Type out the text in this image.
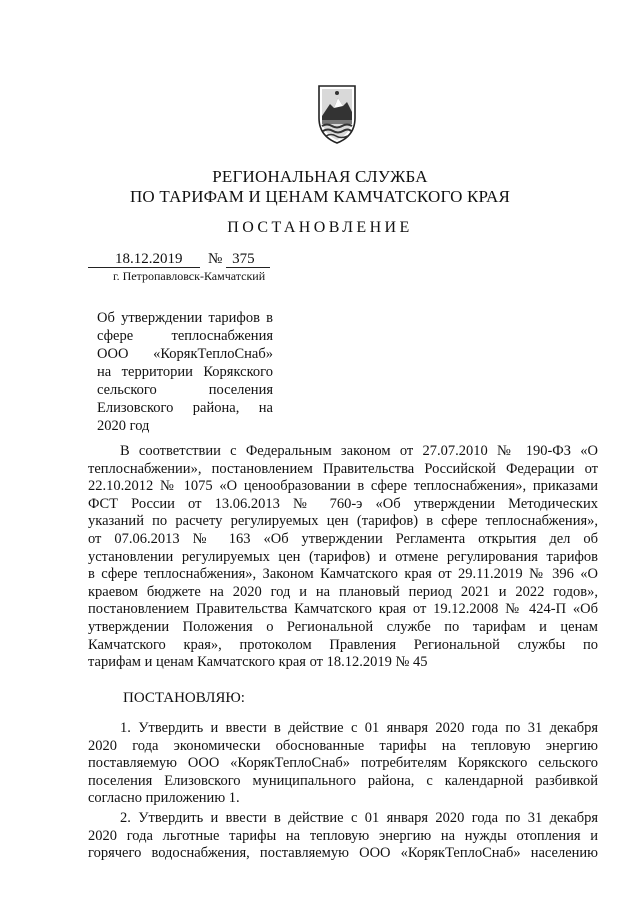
РЕГИОНАЛЬНАЯ СЛУЖБА
ПО ТАРИФАМ И ЦЕНАМ КАМЧАТСКОГО КРАЯ
ПОСТАНОВЛЕНИЕ
18.12.2019 № 375
г. Петропавловск-Камчатский
Об утверждении тарифов в
сфере теплоснабжения
ООО «КорякТеплоСнаб»
на территории Корякского
сельского поселения
Елизовского района, на
2020 год
В соответствии с Федеральным законом от 27.07.2010 № 190-ФЗ «О
теплоснабжении», постановлением Правительства Российской Федерации от
22.10.2012 № 1075 «О ценообразовании в сфере теплоснабжения», приказами
ФСТ России от 13.06.2013 № 760-э «Об утверждении Методических
указаний по расчету регулируемых цен (тарифов) в сфере теплоснабжения»,
от 07.06.2013 № 163 «Об утверждении Регламента открытия дел об
установлении регулируемых цен (тарифов) и отмене регулирования тарифов
в сфере теплоснабжения», Законом Камчатского края от 29.11.2019 № 396 «О
краевом бюджете на 2020 год и на плановый период 2021 и 2022 годов»,
постановлением Правительства Камчатского края от 19.12.2008 № 424-П «Об
утверждении Положения о Региональной службе по тарифам и ценам
Камчатского края», протоколом Правления Региональной службы по
тарифам и ценам Камчатского края от 18.12.2019 № 45
ПОСТАНОВЛЯЮ:
1. Утвердить и ввести в действие с 01 января 2020 года по 31 декабря
2020 года экономически обоснованные тарифы на тепловую энергию
поставляемую ООО «КорякТеплоСнаб» потребителям Корякского сельского
поселения Елизовского муниципального района, с календарной разбивкой
согласно приложению 1.
2. Утвердить и ввести в действие с 01 января 2020 года по 31 декабря
2020 года льготные тарифы на тепловую энергию на нужды отопления и
горячего водоснабжения, поставляемую ООО «КорякТеплоСнаб» населению
